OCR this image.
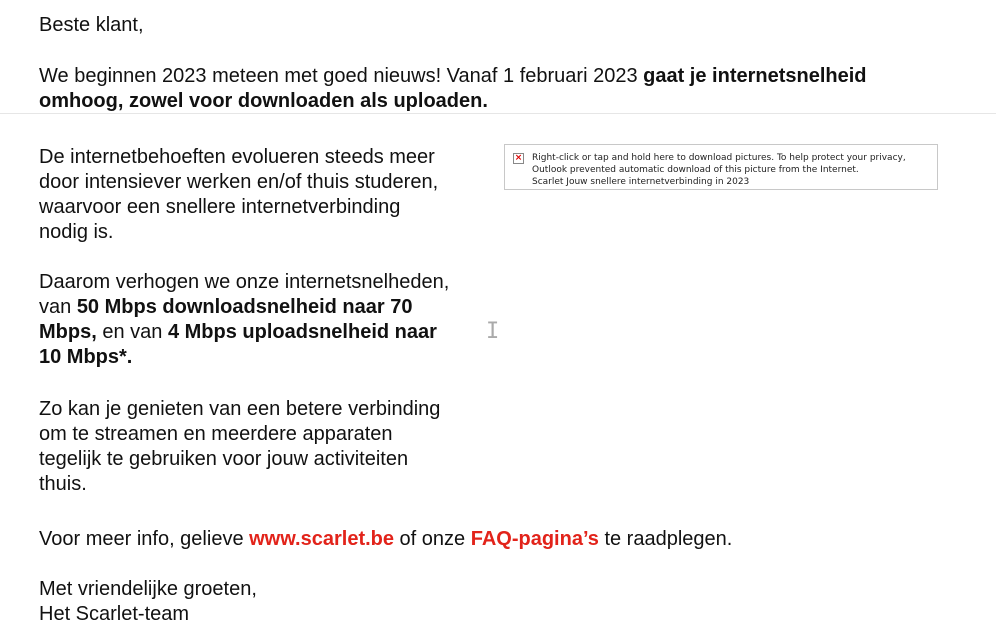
Beste klant,
We beginnen 2023 meteen met goed nieuws! Vanaf 1 februari 2023 gaat je internetsnelheid
omhoog, zowel voor downloaden als uploaden.
De internetbehoeften evolueren steeds meer
door intensiever werken en/of thuis studeren,
waarvoor een snellere internetverbinding
nodig is.
Daarom verhogen we onze internetsnelheden,
van 50 Mbps downloadsnelheid naar 70
Mbps, en van 4 Mbps uploadsnelheid naar
10 Mbps*.
Zo kan je genieten van een betere verbinding
om te streamen en meerdere apparaten
tegelijk te gebruiken voor jouw activiteiten
thuis.
Voor meer info, gelieve www.scarlet.be of onze FAQ-pagina’s te raadplegen.
Met vriendelijke groeten,
Het Scarlet-team
× Right-click or tap and hold here to download pictures. To help protect your privacy,
Outlook prevented automatic download of this picture from the Internet.
Scarlet Jouw snellere internetverbinding in 2023
I
